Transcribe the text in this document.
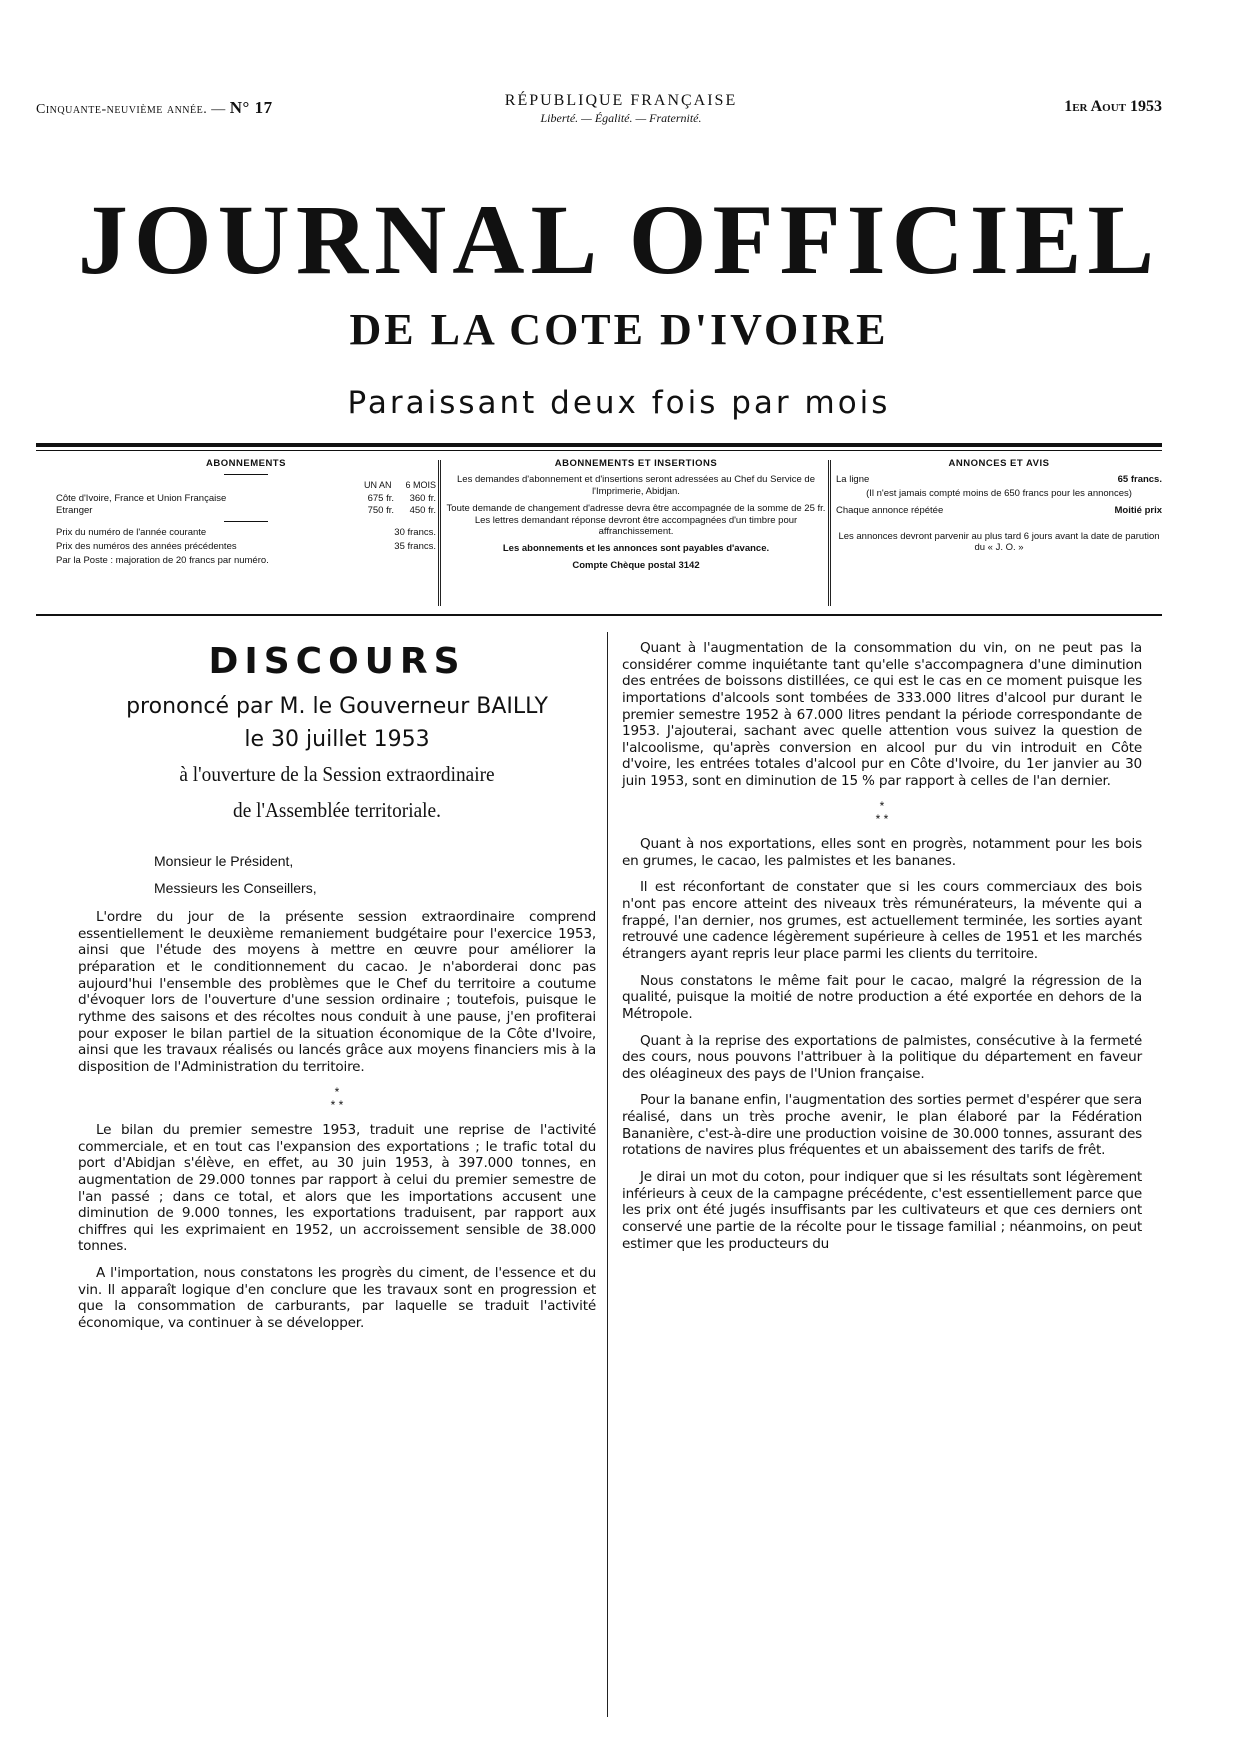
Cinquante-neuvième année. — N° 17	RÉPUBLIQUE FRANÇAISE
Liberté. — Égalité. — Fraternité.
1er Aout 1953
JOURNAL OFFICIEL
DE LA COTE D'IVOIRE
Paraissant deux fois par mois
ABONNEMENTS
UN AN 6 MOIS
Côte d'Ivoire, France et Union Française	675 fr.	360 fr.
Etranger	750 fr.	450 fr.
Prix du numéro de l'année courante	30 francs.
Prix des numéros des années précédentes	35 francs.
Par la Poste : majoration de 20 francs par numéro.
ABONNEMENTS ET INSERTIONS

Les demandes d'abonnement et d'insertions seront adressées au Chef du Service de l'Imprimerie, Abidjan.

Toute demande de changement d'adresse devra être accompagnée de la somme de 25 fr. Les lettres demandant réponse devront être accompagnées d'un timbre pour affranchissement.

Les abonnements et les annonces sont payables d'avance.

Compte Chèque postal 3142

ANNONCES ET AVIS
La ligne	65 francs.

(Il n'est jamais compté moins de 650 francs pour les annonces)

Chaque annonce répétée	Moitié prix

Les annonces devront parvenir au plus tard 6 jours avant la date de parution du « J. O. »

DISCOURS
prononcé par M. le Gouverneur BAILLY
le 30 juillet 1953
à l'ouverture de la Session extraordinaire
de l'Assemblée territoriale.

Monsieur le Président,

Messieurs les Conseillers,

L'ordre du jour de la présente session extraordinaire comprend essentiellement le deuxième remaniement budgétaire pour l'exercice 1953, ainsi que l'étude des moyens à mettre en œuvre pour améliorer la préparation et le conditionnement du cacao. Je n'aborderai donc pas aujourd'hui l'ensemble des problèmes que le Chef du territoire a coutume d'évoquer lors de l'ouverture d'une session ordinaire ; toutefois, puisque le rythme des saisons et des récoltes nous conduit à une pause, j'en profiterai pour exposer le bilan partiel de la situation économique de la Côte d'Ivoire, ainsi que les travaux réalisés ou lancés grâce aux moyens financiers mis à la disposition de l'Administration du territoire.

*
* *

Le bilan du premier semestre 1953, traduit une reprise de l'activité commerciale, et en tout cas l'expansion des exportations ; le trafic total du port d'Abidjan s'élève, en effet, au 30 juin 1953, à 397.000 tonnes, en augmentation de 29.000 tonnes par rapport à celui du premier semestre de l'an passé ; dans ce total, et alors que les importations accusent une diminution de 9.000 tonnes, les exportations traduisent, par rapport aux chiffres qui les exprimaient en 1952, un accroissement sensible de 38.000 tonnes.

A l'importation, nous constatons les progrès du ciment, de l'essence et du vin. Il apparaît logique d'en conclure que les travaux sont en progression et que la consommation de carburants, par laquelle se traduit l'activité économique, va continuer à se développer.

Quant à l'augmentation de la consommation du vin, on ne peut pas la considérer comme inquiétante tant qu'elle s'accompagnera d'une diminution des entrées de boissons distillées, ce qui est le cas en ce moment puisque les importations d'alcools sont tombées de 333.000 litres d'alcool pur durant le premier semestre 1952 à 67.000 litres pendant la période correspondante de 1953. J'ajouterai, sachant avec quelle attention vous suivez la question de l'alcoolisme, qu'après conversion en alcool pur du vin introduit en Côte d'voire, les entrées totales d'alcool pur en Côte d'Ivoire, du 1er janvier au 30 juin 1953, sont en diminution de 15 % par rapport à celles de l'an dernier.

*
* *

Quant à nos exportations, elles sont en progrès, notamment pour les bois en grumes, le cacao, les palmistes et les bananes.

Il est réconfortant de constater que si les cours commerciaux des bois n'ont pas encore atteint des niveaux très rémunérateurs, la mévente qui a frappé, l'an dernier, nos grumes, est actuellement terminée, les sorties ayant retrouvé une cadence légèrement supérieure à celles de 1951 et les marchés étrangers ayant repris leur place parmi les clients du territoire.

Nous constatons le même fait pour le cacao, malgré la régression de la qualité, puisque la moitié de notre production a été exportée en dehors de la Métropole.

Quant à la reprise des exportations de palmistes, consécutive à la fermeté des cours, nous pouvons l'attribuer à la politique du département en faveur des oléagineux des pays de l'Union française.

Pour la banane enfin, l'augmentation des sorties permet d'espérer que sera réalisé, dans un très proche avenir, le plan élaboré par la Fédération Bananière, c'est-à-dire une production voisine de 30.000 tonnes, assurant des rotations de navires plus fréquentes et un abaissement des tarifs de frêt.

Je dirai un mot du coton, pour indiquer que si les résultats sont légèrement inférieurs à ceux de la campagne précédente, c'est essentiellement parce que les prix ont été jugés insuffisants par les cultivateurs et que ces derniers ont conservé une partie de la récolte pour le tissage familial ; néanmoins, on peut estimer que les producteurs du
